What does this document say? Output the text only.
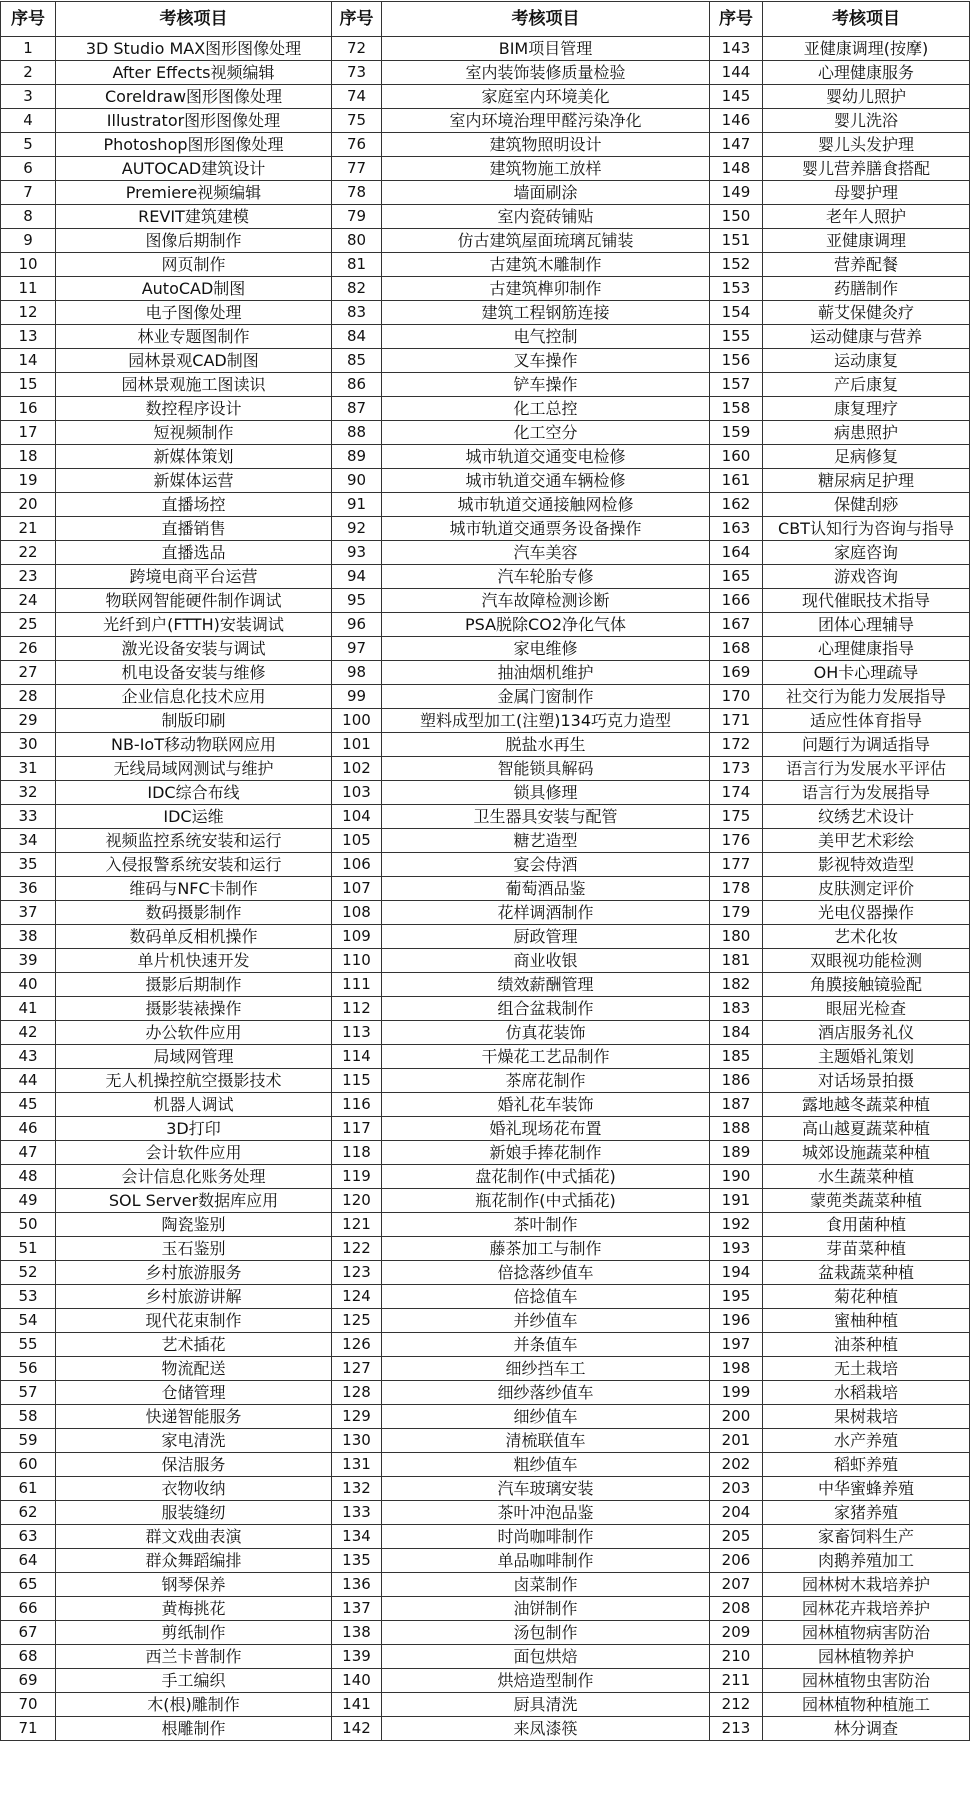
序号	考核项目	序号	考核项目	序号	考核项目
1	3D Studio MAX图形图像处理	72	BIM项目管理	143	亚健康调理(按摩)
2	After Effects视频编辑	73	室内装饰装修质量检验	144	心理健康服务
3	Coreldraw图形图像处理	74	家庭室内环境美化	145	婴幼儿照护
4	Illustrator图形图像处理	75	室内环境治理甲醛污染净化	146	婴儿洗浴
5	Photoshop图形图像处理	76	建筑物照明设计	147	婴儿头发护理
6	AUTOCAD建筑设计	77	建筑物施工放样	148	婴儿营养膳食搭配
7	Premiere视频编辑	78	墙面刷涂	149	母婴护理
8	REVIT建筑建模	79	室内瓷砖铺贴	150	老年人照护
9	图像后期制作	80	仿古建筑屋面琉璃瓦铺装	151	亚健康调理
10	网页制作	81	古建筑木雕制作	152	营养配餐
11	AutoCAD制图	82	古建筑榫卯制作	153	药膳制作
12	电子图像处理	83	建筑工程钢筋连接	154	蕲艾保健灸疗
13	林业专题图制作	84	电气控制	155	运动健康与营养
14	园林景观CAD制图	85	叉车操作	156	运动康复
15	园林景观施工图读识	86	铲车操作	157	产后康复
16	数控程序设计	87	化工总控	158	康复理疗
17	短视频制作	88	化工空分	159	病患照护
18	新媒体策划	89	城市轨道交通变电检修	160	足病修复
19	新媒体运营	90	城市轨道交通车辆检修	161	糖尿病足护理
20	直播场控	91	城市轨道交通接触网检修	162	保健刮痧
21	直播销售	92	城市轨道交通票务设备操作	163	CBT认知行为咨询与指导
22	直播选品	93	汽车美容	164	家庭咨询
23	跨境电商平台运营	94	汽车轮胎专修	165	游戏咨询
24	物联网智能硬件制作调试	95	汽车故障检测诊断	166	现代催眠技术指导
25	光纤到户(FTTH)安装调试	96	PSA脱除CO2净化气体	167	团体心理辅导
26	激光设备安装与调试	97	家电维修	168	心理健康指导
27	机电设备安装与维修	98	抽油烟机维护	169	OH卡心理疏导
28	企业信息化技术应用	99	金属门窗制作	170	社交行为能力发展指导
29	制版印刷	100	塑料成型加工(注塑)134巧克力造型	171	适应性体育指导
30	NB-IoT移动物联网应用	101	脱盐水再生	172	问题行为调适指导
31	无线局域网测试与维护	102	智能锁具解码	173	语言行为发展水平评估
32	IDC综合布线	103	锁具修理	174	语言行为发展指导
33	IDC运维	104	卫生器具安装与配管	175	纹绣艺术设计
34	视频监控系统安装和运行	105	糖艺造型	176	美甲艺术彩绘
35	入侵报警系统安装和运行	106	宴会侍酒	177	影视特效造型
36	维码与NFC卡制作	107	葡萄酒品鉴	178	皮肤测定评价
37	数码摄影制作	108	花样调酒制作	179	光电仪器操作
38	数码单反相机操作	109	厨政管理	180	艺术化妆
39	单片机快速开发	110	商业收银	181	双眼视功能检测
40	摄影后期制作	111	绩效薪酬管理	182	角膜接触镜验配
41	摄影装裱操作	112	组合盆栽制作	183	眼屈光检查
42	办公软件应用	113	仿真花装饰	184	酒店服务礼仪
43	局域网管理	114	干燥花工艺品制作	185	主题婚礼策划
44	无人机操控航空摄影技术	115	茶席花制作	186	对话场景拍摄
45	机器人调试	116	婚礼花车装饰	187	露地越冬蔬菜种植
46	3D打印	117	婚礼现场花布置	188	高山越夏蔬菜种植
47	会计软件应用	118	新娘手捧花制作	189	城郊设施蔬菜种植
48	会计信息化账务处理	119	盘花制作(中式插花)	190	水生蔬菜种植
49	SOL Server数据库应用	120	瓶花制作(中式插花)	191	蒙蔸类蔬菜种植
50	陶瓷鉴别	121	茶叶制作	192	食用菌种植
51	玉石鉴别	122	藤茶加工与制作	193	芽苗菜种植
52	乡村旅游服务	123	倍捻落纱值车	194	盆栽蔬菜种植
53	乡村旅游讲解	124	倍捻值车	195	菊花种植
54	现代花束制作	125	并纱值车	196	蜜柚种植
55	艺术插花	126	并条值车	197	油茶种植
56	物流配送	127	细纱挡车工	198	无土栽培
57	仓储管理	128	细纱落纱值车	199	水稻栽培
58	快递智能服务	129	细纱值车	200	果树栽培
59	家电清洗	130	清梳联值车	201	水产养殖
60	保洁服务	131	粗纱值车	202	稻虾养殖
61	衣物收纳	132	汽车玻璃安装	203	中华蜜蜂养殖
62	服装缝纫	133	茶叶冲泡品鉴	204	家猪养殖
63	群文戏曲表演	134	时尚咖啡制作	205	家畜饲料生产
64	群众舞蹈编排	135	单品咖啡制作	206	肉鹅养殖加工
65	钢琴保养	136	卤菜制作	207	园林树木栽培养护
66	黄梅挑花	137	油饼制作	208	园林花卉栽培养护
67	剪纸制作	138	汤包制作	209	园林植物病害防治
68	西兰卡普制作	139	面包烘焙	210	园林植物养护
69	手工编织	140	烘焙造型制作	211	园林植物虫害防治
70	木(根)雕制作	141	厨具清洗	212	园林植物种植施工
71	根雕制作	142	来凤漆筷	213	林分调查
